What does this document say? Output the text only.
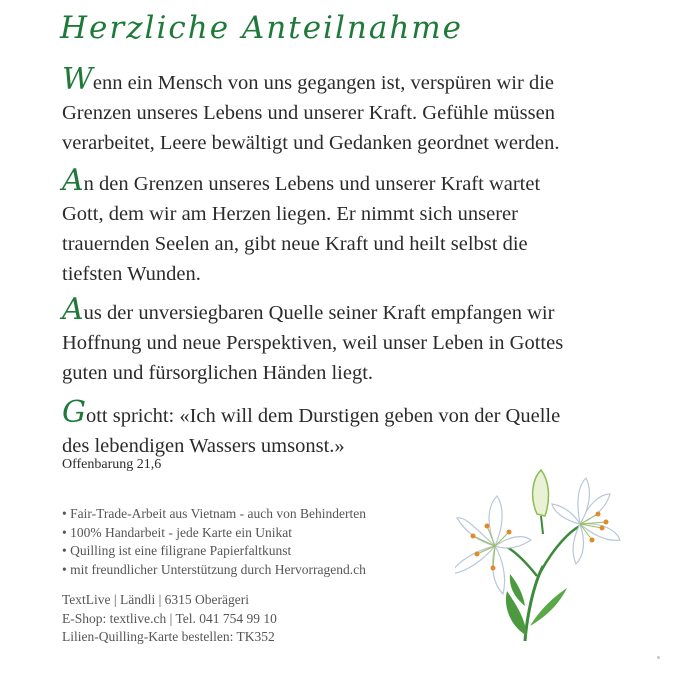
Herzliche Anteilnahme

Wenn ein Mensch von uns gegangen ist, verspüren wir die
Grenzen unseres Lebens und unserer Kraft. Gefühle müssen
verarbeitet, Leere bewältigt und Gedanken geordnet werden.

An den Grenzen unseres Lebens und unserer Kraft wartet
Gott, dem wir am Herzen liegen. Er nimmt sich unserer
trauernden Seelen an, gibt neue Kraft und heilt selbst die
tiefsten Wunden.

Aus der unversiegbaren Quelle seiner Kraft empfangen wir
Hoffnung und neue Perspektiven, weil unser Leben in Gottes
guten und fürsorglichen Händen liegt.

Gott spricht: «Ich will dem Durstigen geben von der Quelle
des lebendigen Wassers umsonst.»

Offenbarung 21,6

• Fair-Trade-Arbeit aus Vietnam - auch von Behinderten
• 100% Handarbeit - jede Karte ein Unikat
• Quilling ist eine filigrane Papierfaltkunst
• mit freundlicher Unterstützung durch Hervorragend.ch
TextLive | Ländli | 6315 Oberägeri
E-Shop: textlive.ch | Tel. 041 754 99 10
Lilien-Quilling-Karte bestellen: TK352
